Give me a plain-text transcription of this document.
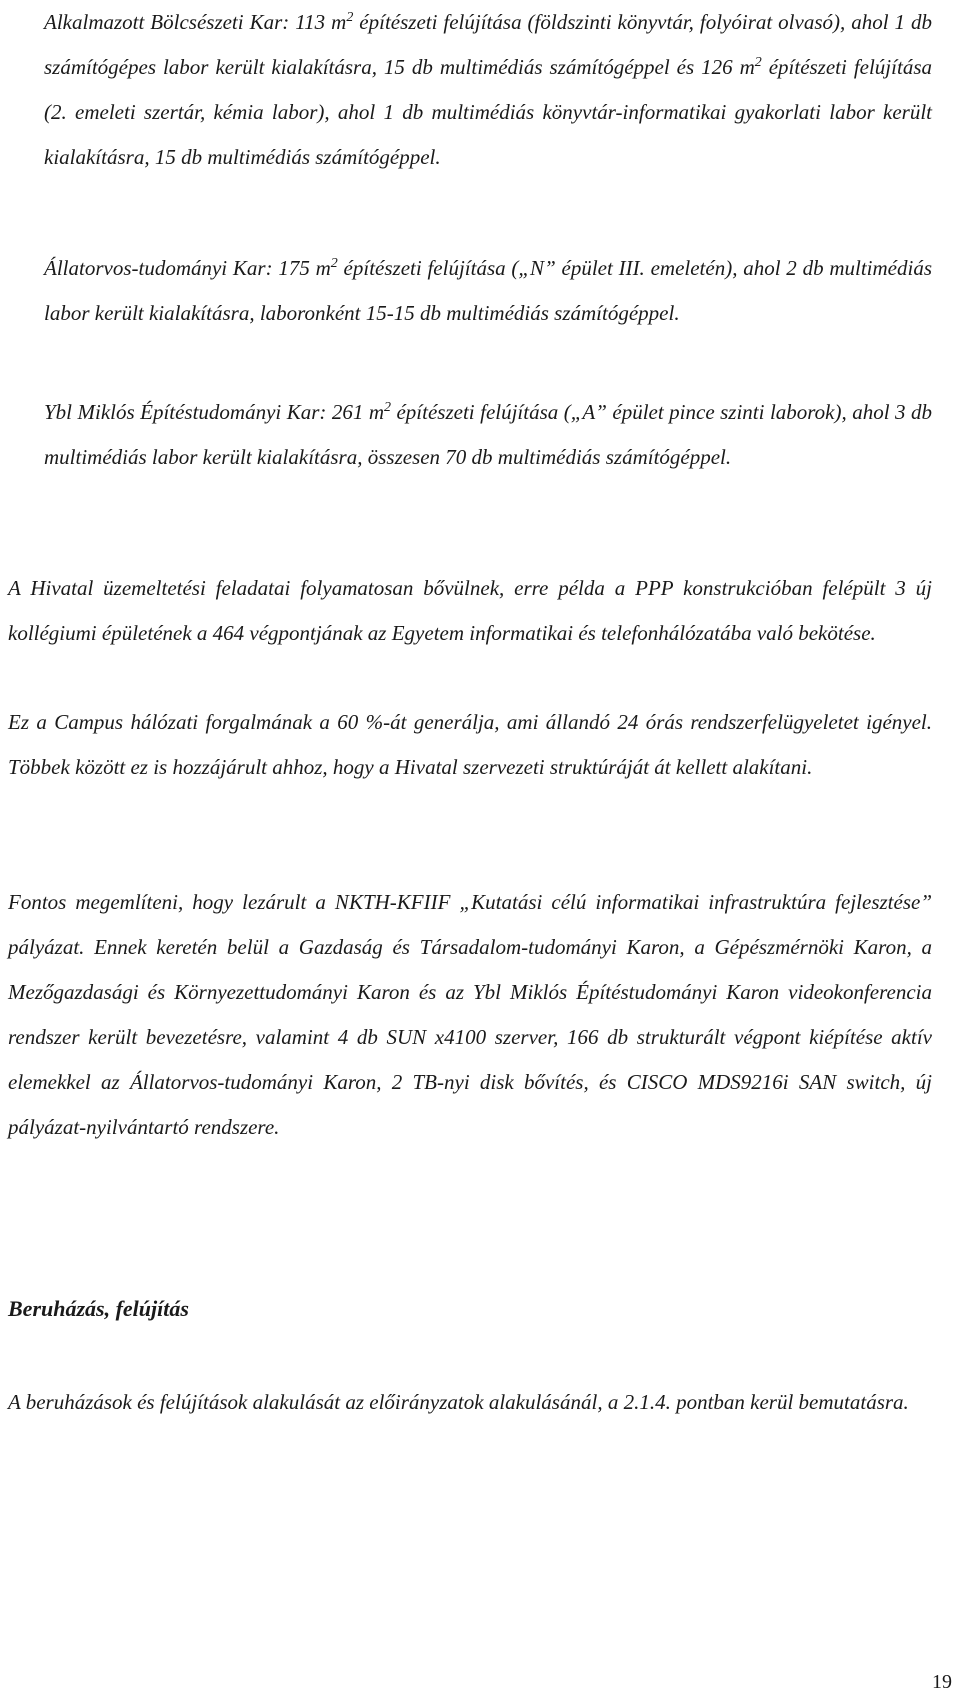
Alkalmazott Bölcsészeti Kar: 113 $m^2$ építészeti felújítása (földszinti könyvtár, folyóirat olvasó), ahol 1 db számítógépes labor került kialakításra, 15 db multimédiás számítógéppel és 126 $m^2$ építészeti felújítása (2. emeleti szertár, kémia labor), ahol 1 db multimédiás könyvtár-informatikai gyakorlati labor került kialakításra, 15 db multimédiás számítógéppel.
Állatorvos-tudományi Kar: 175 $m^2$ építészeti felújítása („N” épület III. emeletén), ahol 2 db multimédiás labor került kialakításra, laboronként 15-15 db multimédiás számítógéppel.
Ybl Miklós Építéstudományi Kar: 261 $m^2$ építészeti felújítása („A” épület pince szinti laborok), ahol 3 db multimédiás labor került kialakításra, összesen 70 db multimédiás számítógéppel.
A Hivatal üzemeltetési feladatai folyamatosan bővülnek, erre példa a PPP konstrukcióban felépült 3 új kollégiumi épületének a 464 végpontjának az Egyetem informatikai és telefonhálózatába való bekötése.
Ez a Campus hálózati forgalmának a 60 %-át generálja, ami állandó 24 órás rendszerfelügyeletet igényel. Többek között ez is hozzájárult ahhoz, hogy a Hivatal szervezeti struktúráját át kellett alakítani.
Fontos megemlíteni, hogy lezárult a NKTH-KFIIF „Kutatási célú informatikai infrastruktúra fejlesztése” pályázat. Ennek keretén belül a Gazdaság és Társadalom-tudományi Karon, a Gépészmérnöki Karon, a Mezőgazdasági és Környezettudományi Karon és az Ybl Miklós Építéstudományi Karon videokonferencia rendszer került bevezetésre, valamint 4 db SUN x4100 szerver, 166 db strukturált végpont kiépítése aktív elemekkel az Állatorvos-tudományi Karon, 2 TB-nyi disk bővítés, és CISCO MDS9216i SAN switch, új pályázat-nyilvántartó rendszere.
Beruházás, felújítás
A beruházások és felújítások alakulását az előirányzatok alakulásánál, a 2.1.4. pontban kerül bemutatásra.
19
